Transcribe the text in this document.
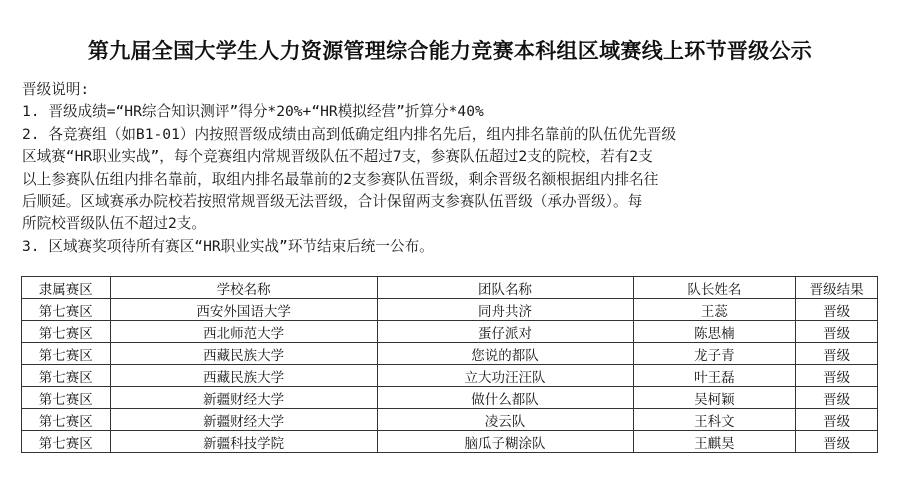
第九届全国大学生人力资源管理综合能力竞赛本科组区域赛线上环节晋级公示
晋级说明:
1. 晋级成绩=“HR综合知识测评”得分*20%+“HR模拟经营”折算分*40%
2. 各竞赛组（如B1-01）内按照晋级成绩由高到低确定组内排名先后，组内排名靠前的队伍优先晋级
区域赛“HR职业实战”，每个竞赛组内常规晋级队伍不超过7支，参赛队伍超过2支的院校，若有2支
以上参赛队伍组内排名靠前，取组内排名最靠前的2支参赛队伍晋级，剩余晋级名额根据组内排名往
后顺延。区域赛承办院校若按照常规晋级无法晋级，合计保留两支参赛队伍晋级（承办晋级）。每
所院校晋级队伍不超过2支。
3. 区域赛奖项待所有赛区“HR职业实战”环节结束后统一公布。
隶属赛区	学校名称	团队名称	队长姓名	晋级结果
第七赛区	西安外国语大学	同舟共济	王蕊	晋级
第七赛区	西北师范大学	蛋仔派对	陈思楠	晋级
第七赛区	西藏民族大学	您说的都队	龙子青	晋级
第七赛区	西藏民族大学	立大功汪汪队	叶王磊	晋级
第七赛区	新疆财经大学	做什么都队	吴柯颖	晋级
第七赛区	新疆财经大学	凌云队	王科文	晋级
第七赛区	新疆科技学院	脑瓜子糊涂队	王麒昊	晋级
